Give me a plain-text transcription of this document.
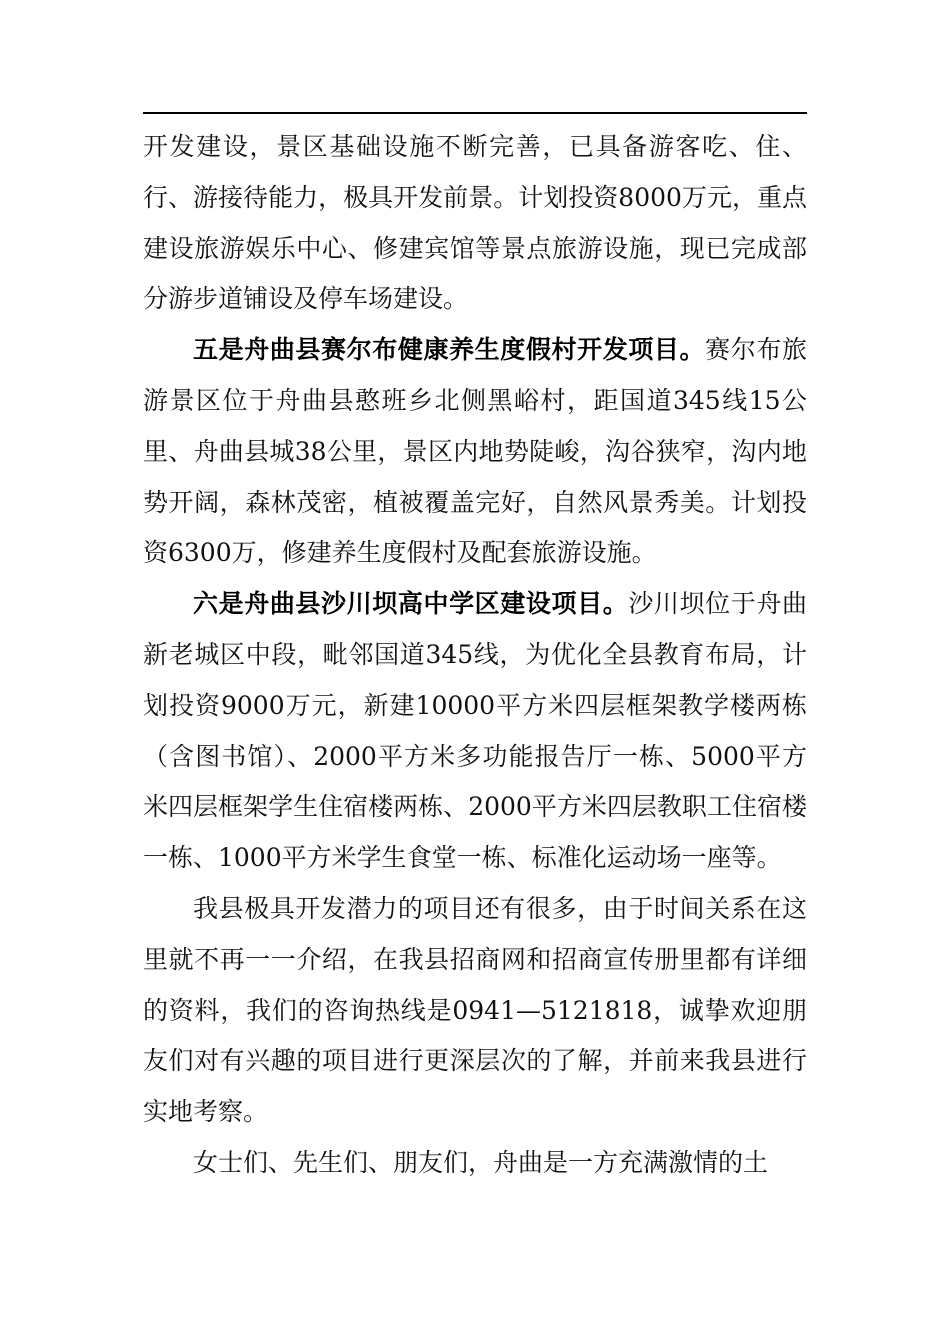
开发建设，景区基础设施不断完善，已具备游客吃、住、行、游接待能力，极具开发前景。计划投资8000万元，重点建设旅游娱乐中心、修建宾馆等景点旅游设施，现已完成部分游步道铺设及停车场建设。

五是舟曲县赛尔布健康养生度假村开发项目。赛尔布旅游景区位于舟曲县憨班乡北侧黑峪村，距国道345线15公里、舟曲县城38公里，景区内地势陡峻，沟谷狭窄，沟内地势开阔，森林茂密，植被覆盖完好，自然风景秀美。计划投资6300万，修建养生度假村及配套旅游设施。

六是舟曲县沙川坝高中学区建设项目。沙川坝位于舟曲新老城区中段，毗邻国道345线，为优化全县教育布局，计划投资9000万元，新建10000平方米四层框架教学楼两栋（含图书馆）、2000平方米多功能报告厅一栋、5000平方米四层框架学生住宿楼两栋、2000平方米四层教职工住宿楼一栋、1000平方米学生食堂一栋、标准化运动场一座等。

我县极具开发潜力的项目还有很多，由于时间关系在这里就不再一一介绍，在我县招商网和招商宣传册里都有详细的资料，我们的咨询热线是0941—5121818，诚挚欢迎朋友们对有兴趣的项目进行更深层次的了解，并前来我县进行实地考察。

女士们、先生们、朋友们，舟曲是一方充满激情的土
